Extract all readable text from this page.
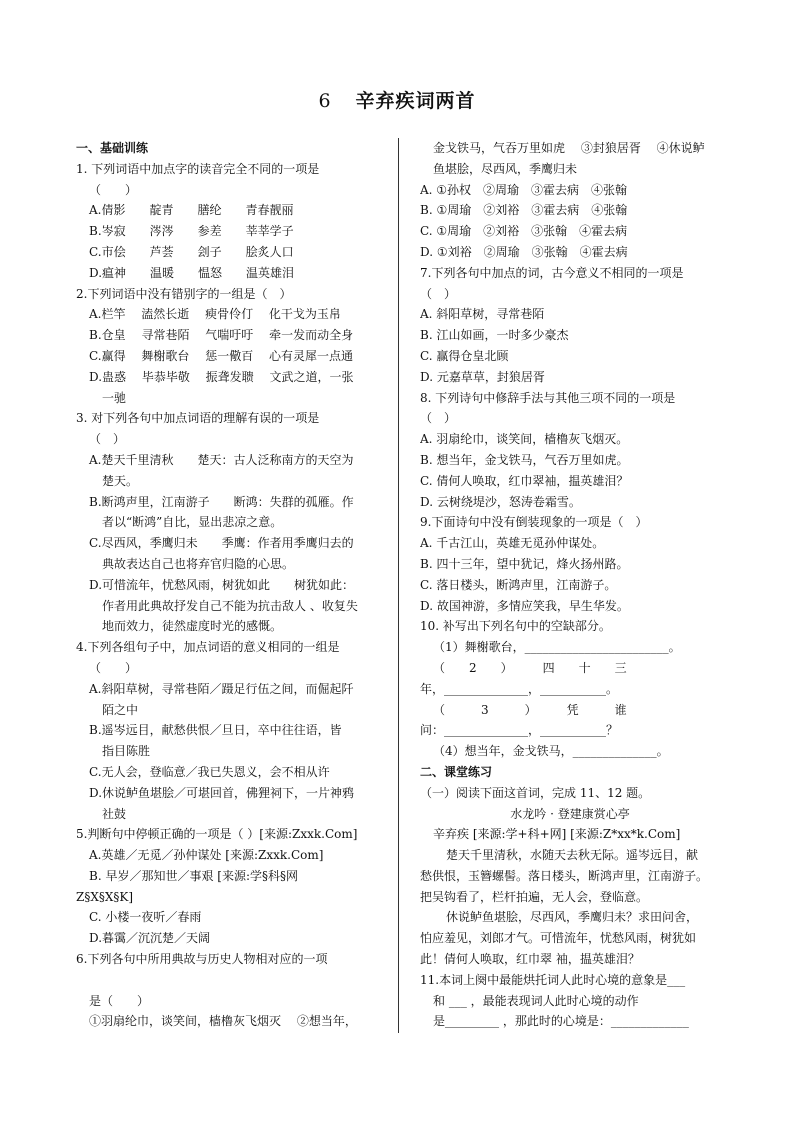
6 辛弃疾词两首
一、基础训练
1. 下列词语中加点字的读音完全不同的一项是
（　　）
A.倩影　　靛青　　膳纶　　青春靓丽
B.岑寂　　涔涔　　参差　　莘莘学子
C.市侩　　芦荟　　刽子　　脍炙人口
D.瘟神　　温暖　　愠怒　　温英雄泪
2.下列词语中没有错别字的一组是（　）
A.栏竿　 溘然长逝　 瘐骨伶仃　 化干戈为玉帛
B.仓皇　 寻常巷陌　 气喘吁吁　 牵一发而动全身
C.赢得　 舞榭歌台　 惩一儆百　 心有灵犀一点通
D.蛊惑　 毕恭毕敬　 振聋发聩　 文武之道，一张
一驰
3. 对下列各句中加点词语的理解有误的一项是
（　）
A.楚天千里清秋　　楚天：古人泛称南方的天空为
楚天。
B.断鸿声里，江南游子　　断鸿：失群的孤雁。作
者以“断鸿”自比，显出悲凉之意。
C.尽西风，季鹰归未　　季鹰：作者用季鹰归去的
典故表达自己也将弃官归隐的心思。
D.可惜流年，忧愁风雨，树犹如此　　树犹如此：
作者用此典故抒发自己不能为抗击敌人 、收复失
地而效力，徒然虚度时光的感慨。
4.下列各组句子中，加点词语的意义相同的一组是
（　　）
A.斜阳草树，寻常巷陌／蹑足行伍之间，而倔起阡
陌之中
B.遥岑远目，献愁供恨／旦日，卒中往往语，皆
指目陈胜
C.无人会，登临意／我已失恩义，会不相从许
D.休说鲈鱼堪脍／可堪回首，佛狸祠下，一片神鸦
社鼓
5.判断句中停顿正确的一项是（ ）[来源:Zxxk.Com]
A.英雄／无觅／孙仲谋处 [来源:Zxxk.Com]
B. 早岁／那知世／事艰 [来源:学§科§网
Z§X§X§K]
C. 小楼一夜听／春雨
D.暮霭／沉沉楚／天阔
6.下列各句中所用典故与历史人物相对应的一项
是（　　）
①羽扇纶巾，谈笑间，樯橹灰飞烟灭　 ②想当年，
金戈铁马，气吞万里如虎　 ③封狼居胥　 ④休说鲈
鱼堪脍，尽西风，季鹰归未
A. ①孙权　②周瑜　③霍去病　④张翰
B. ①周瑜　②刘裕　③霍去病　④张翰
C. ①周瑜　②刘裕　③张翰　④霍去病
D. ①刘裕　②周瑜　③张翰　④霍去病
7.下列各句中加点的词，古今意义不相同的一项是
（　）
A. 斜阳草树，寻常巷陌
B. 江山如画，一时多少豪杰
C. 赢得仓皇北顾
D. 元嘉草草，封狼居胥
8. 下列诗句中修辞手法与其他三项不同的一项是
（　）
A. 羽扇纶巾，谈笑间，樯橹灰飞烟灭。
B. 想当年，金戈铁马，气吞万里如虎。
C. 倩何人唤取，红巾翠袖，揾英雄泪？
D. 云树绕堤沙，怒涛卷霜雪。
9.下面诗句中没有倒装现象的一项是（　）
A. 千古江山，英雄无觅孙仲谋处。
B. 四十三年，望中犹记，烽火扬州路。
C. 落日楼头，断鸿声里，江南游子。
D. 故国神游，多情应笑我，早生华发。
10. 补写出下列名句中的空缺部分。
（1）舞榭歌台，________________________。
（　　2　　）　　　四　　十　　三
年，______________，___________。
（　　　3　　　）　　　凭　　　谁
问：______________，___________？
（4）想当年，金戈铁马，______________。
二、课堂练习
（一）阅读下面这首词，完成 11、12 题。
水龙吟 · 登建康赏心亭
辛弃疾 [来源:学+科+网] [来源:Z*xx*k.Com]
楚天千里清秋，水随天去秋无际。遥岑远目，献
愁供恨，玉簪螺髻。落日楼头，断鸿声里，江南游子。
把吴钩看了，栏杆拍遍，无人会，登临意。
休说鲈鱼堪脍，尽西风，季鹰归未？求田问舍，
怕应羞见，刘郎才气。可惜流年，忧愁风雨，树犹如
此！倩何人唤取，红巾翠 袖，揾英雄泪？
11.本词上阕中最能烘托词人此时心境的意象是___
和 ___ ，最能表现词人此时心境的动作
是_________ ，那此时的心境是：_____________
